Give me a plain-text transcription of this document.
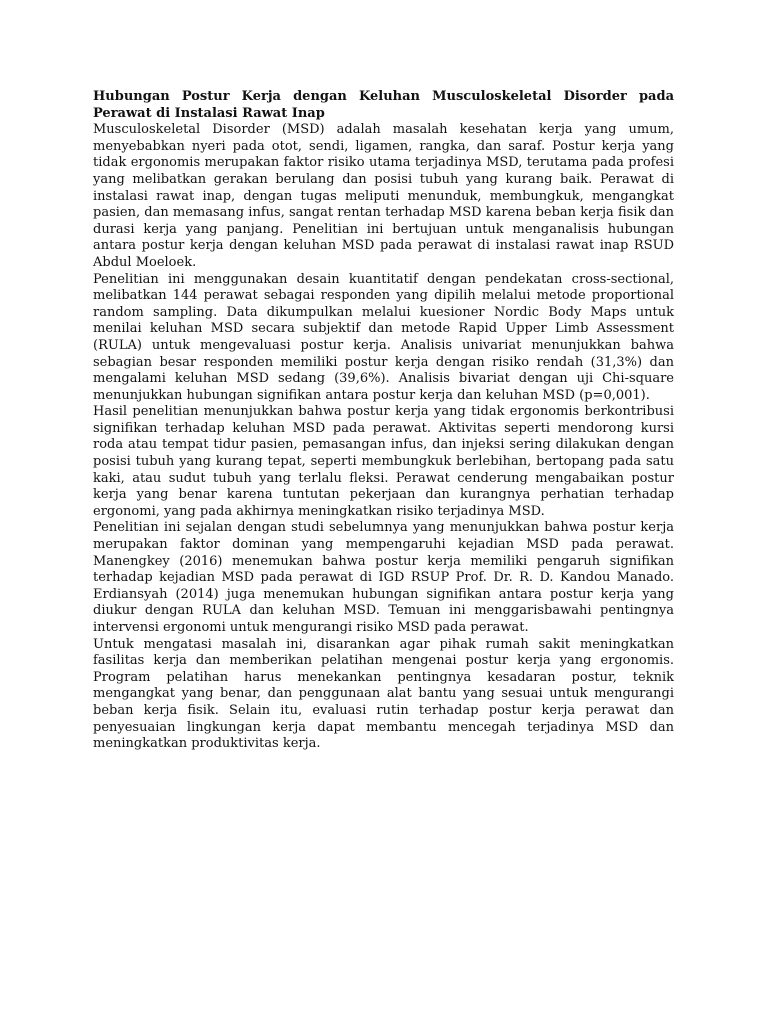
Hubungan Postur Kerja dengan Keluhan Musculoskeletal Disorder pada Perawat di Instalasi Rawat Inap

Musculoskeletal Disorder (MSD) adalah masalah kesehatan kerja yang umum, menyebabkan nyeri pada otot, sendi, ligamen, rangka, dan saraf. Postur kerja yang tidak ergonomis merupakan faktor risiko utama terjadinya MSD, terutama pada profesi yang melibatkan gerakan berulang dan posisi tubuh yang kurang baik. Perawat di instalasi rawat inap, dengan tugas meliputi menunduk, membungkuk, mengangkat pasien, dan memasang infus, sangat rentan terhadap MSD karena beban kerja fisik dan durasi kerja yang panjang. Penelitian ini bertujuan untuk menganalisis hubungan antara postur kerja dengan keluhan MSD pada perawat di instalasi rawat inap RSUD Abdul Moeloek.

Penelitian ini menggunakan desain kuantitatif dengan pendekatan cross-sectional, melibatkan 144 perawat sebagai responden yang dipilih melalui metode proportional random sampling. Data dikumpulkan melalui kuesioner Nordic Body Maps untuk menilai keluhan MSD secara subjektif dan metode Rapid Upper Limb Assessment (RULA) untuk mengevaluasi postur kerja. Analisis univariat menunjukkan bahwa sebagian besar responden memiliki postur kerja dengan risiko rendah (31,3%) dan mengalami keluhan MSD sedang (39,6%). Analisis bivariat dengan uji Chi-square menunjukkan hubungan signifikan antara postur kerja dan keluhan MSD (p=0,001).

Hasil penelitian menunjukkan bahwa postur kerja yang tidak ergonomis berkontribusi signifikan terhadap keluhan MSD pada perawat. Aktivitas seperti mendorong kursi roda atau tempat tidur pasien, pemasangan infus, dan injeksi sering dilakukan dengan posisi tubuh yang kurang tepat, seperti membungkuk berlebihan, bertopang pada satu kaki, atau sudut tubuh yang terlalu fleksi. Perawat cenderung mengabaikan postur kerja yang benar karena tuntutan pekerjaan dan kurangnya perhatian terhadap ergonomi, yang pada akhirnya meningkatkan risiko terjadinya MSD.

Penelitian ini sejalan dengan studi sebelumnya yang menunjukkan bahwa postur kerja merupakan faktor dominan yang mempengaruhi kejadian MSD pada perawat. Manengkey (2016) menemukan bahwa postur kerja memiliki pengaruh signifikan terhadap kejadian MSD pada perawat di IGD RSUP Prof. Dr. R. D. Kandou Manado. Erdiansyah (2014) juga menemukan hubungan signifikan antara postur kerja yang diukur dengan RULA dan keluhan MSD. Temuan ini menggarisbawahi pentingnya intervensi ergonomi untuk mengurangi risiko MSD pada perawat.

Untuk mengatasi masalah ini, disarankan agar pihak rumah sakit meningkatkan fasilitas kerja dan memberikan pelatihan mengenai postur kerja yang ergonomis. Program pelatihan harus menekankan pentingnya kesadaran postur, teknik mengangkat yang benar, dan penggunaan alat bantu yang sesuai untuk mengurangi beban kerja fisik. Selain itu, evaluasi rutin terhadap postur kerja perawat dan penyesuaian lingkungan kerja dapat membantu mencegah terjadinya MSD dan meningkatkan produktivitas kerja.
